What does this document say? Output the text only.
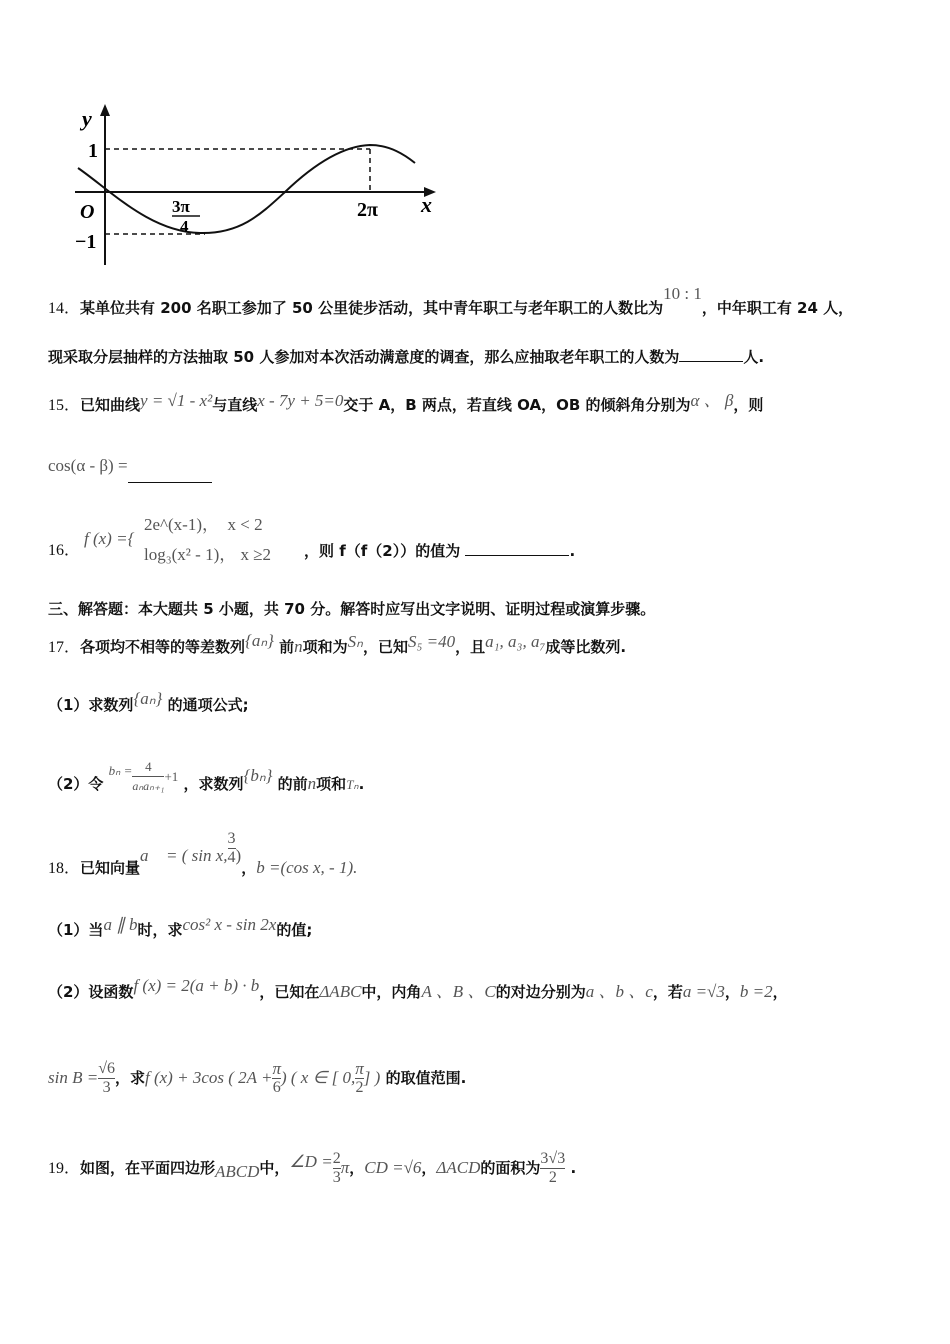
y
x
1
O
−1
3π
4
2π
14．某单位共有 200 名职工参加了 50 公里徒步活动，其中青年职工与老年职工的人数比为10 : 1，中年职工有 24 人，
现采取分层抽样的方法抽取 50 人参加对本次活动满意度的调查，那么应抽取老年职工的人数为	人.
15．已知曲线y = √1 - x²与直线x - 7y + 5=0交于 A，B 两点，若直线 OA，OB 的倾斜角分别为α 、 β，则
cos(α - β) =
16．
f (x) ={
2e^(x-1)，  x < 2
log₃(x² - 1)， x ≥2 ，则 f（f（2））的值为	.
三、解答题：本大题共 5 小题，共 70 分。解答时应写出文字说明、证明过程或演算步骤。
17．各项均不相等的等差数列{aₙ} 前n项和为Sₙ，已知S₅ =40，且a₁, a₃, a₇成等比数列.
（1）求数列{aₙ} 的通项公式;
（2）令 $b_n = \frac{4}{\text{aₙaₙ₊₁}} +1$ ，求数列{bₙ} 的前n项和Tₙ.
18．已知向量a⃗ = ( sin x, $\frac{3}{4}$ )，b =(cos x, - 1).
（1）当a ∥ b时，求cos² x - sin 2x的值;
（2）设函数f (x) = 2(a + b) · b，已知在ΔABC中，内角A 、B 、C的对边分别为a 、b 、c，若a =√3，b =2，
$\sin B = \frac{√6}{3}$ ，求f (x) + 3cos ( $2A + \frac{\pi}{6}$ ) ( x ∈ [ 0, $\frac{\pi}{2}$ ] ) 的取值范围.
19．如图，在平面四边形ABCD中，∠D = $\frac{2}{3}$ π，CD =√6，ΔACD的面积为 $\frac{3√3}{2}$ .
